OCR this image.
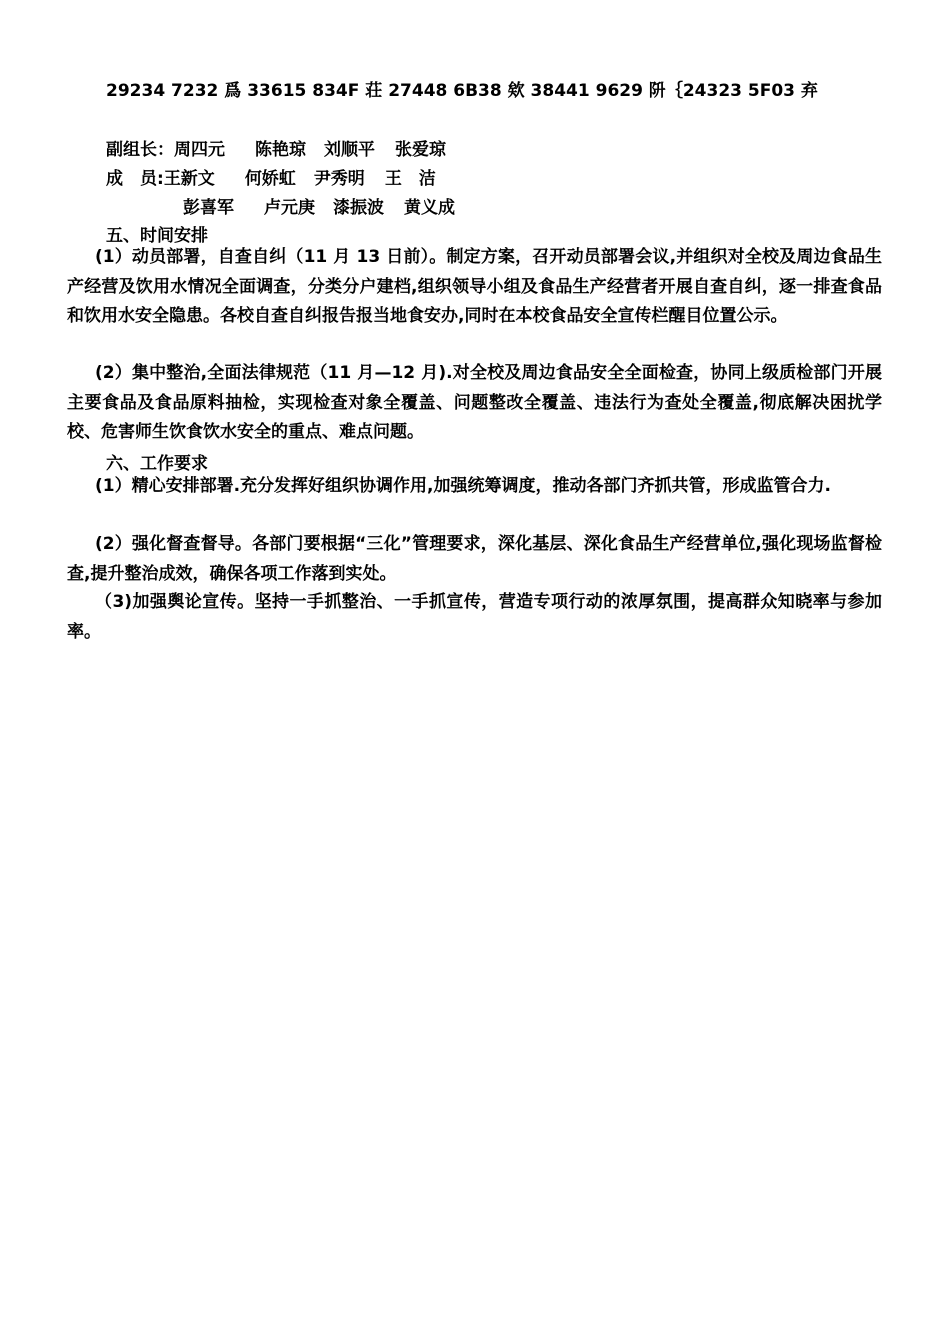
29234 7232 爲 33615 834F 荘 27448 6B38 欸 38441 9629 阩｛24323 5F03 弃
副组长：周四元 陈艳琼 刘顺平 张爱琼
成　员:王新文 何娇虹 尹秀明 王　洁
彭喜军 卢元庚 漆振波 黄义成
五、时间安排
(1）动员部署，自查自纠（11 月 13 日前）。制定方案，召开动员部署会议,并组织对全校及周边食品生产经营及饮用水情况全面调查，分类分户建档,组织领导小组及食品生产经营者开展自查自纠，逐一排查食品和饮用水安全隐患。各校自查自纠报告报当地食安办,同时在本校食品安全宣传栏醒目位置公示。
(2）集中整治,全面法律规范（11 月—12 月).对全校及周边食品安全全面检查，协同上级质检部门开展主要食品及食品原料抽检，实现检查对象全覆盖、问题整改全覆盖、违法行为查处全覆盖,彻底解决困扰学校、危害师生饮食饮水安全的重点、难点问题。
六、工作要求
(1）精心安排部署.充分发挥好组织协调作用,加强统筹调度，推动各部门齐抓共管，形成监管合力.
(2）强化督查督导。各部门要根据“三化”管理要求，深化基层、深化食品生产经营单位,强化现场监督检查,提升整治成效，确保各项工作落到实处。
（3)加强舆论宣传。坚持一手抓整治、一手抓宣传，营造专项行动的浓厚氛围，提高群众知晓率与参加率。
